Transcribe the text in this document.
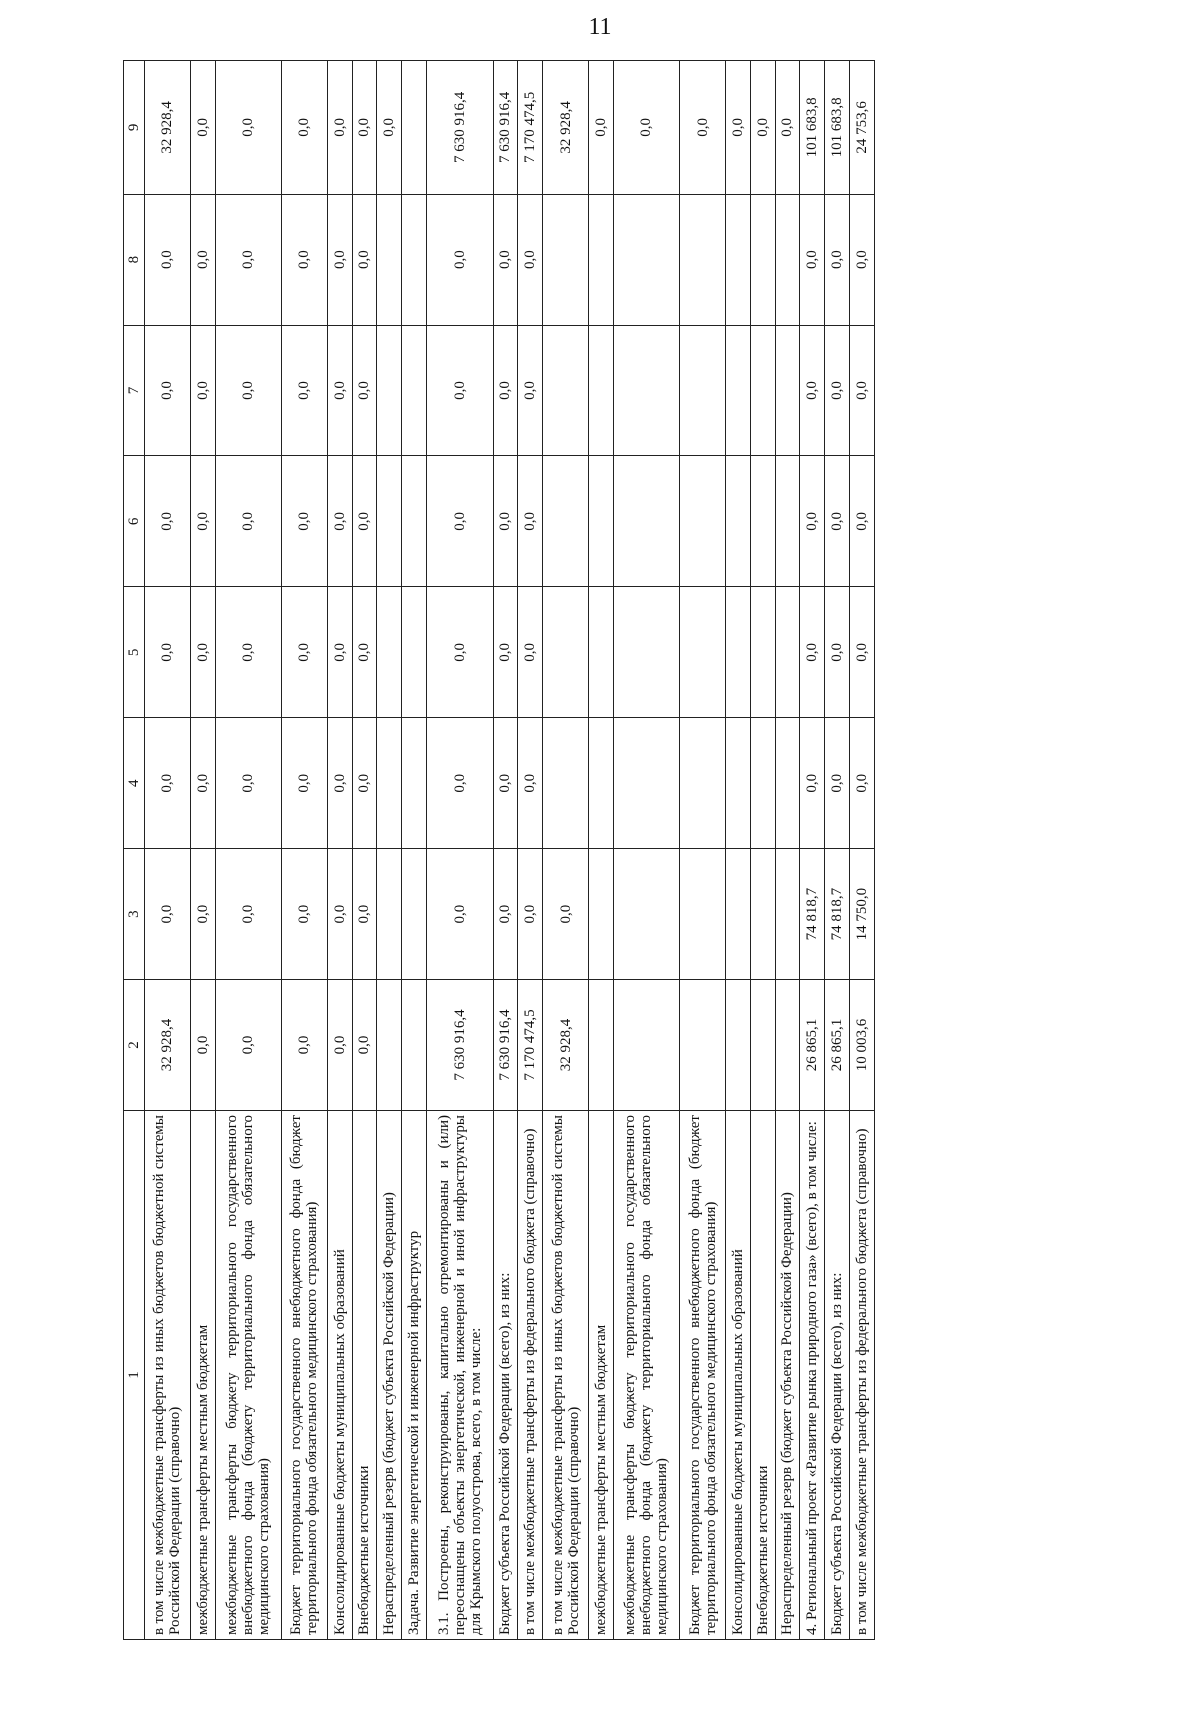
11
1	2	3	4	5	6	7	8	9
в том числе межбюджетные трансферты из иных бюджетов бюджетной системы Российской Федерации (справочно)	32 928,4	0,0	0,0	0,0	0,0	0,0	0,0	32 928,4
межбюджетные трансферты местным бюджетам	0,0	0,0	0,0	0,0	0,0	0,0	0,0	0,0
межбюджетные трансферты бюджету территориального государственного внебюджетного фонда (бюджету территориального фонда обязательного медицинского страхования)	0,0	0,0	0,0	0,0	0,0	0,0	0,0	0,0
Бюджет территориального государственного внебюджетного фонда (бюджет территориального фонда обязательного медицинского страхования)	0,0	0,0	0,0	0,0	0,0	0,0	0,0	0,0
Консолидированные бюджеты муниципальных образований	0,0	0,0	0,0	0,0	0,0	0,0	0,0	0,0
Внебюджетные источники	0,0	0,0	0,0	0,0	0,0	0,0	0,0	0,0
Нераспределенный резерв (бюджет субъекта Российской Федерации)								0,0
Задача. Развитие энергетической и инженерной инфраструктур								
3.1. Построены, реконструированы, капитально отремонтированы и (или) переоснащены объекты энергетической, инженерной и иной инфраструктуры для Крымского полуострова, всего, в том числе:	7 630 916,4	0,0	0,0	0,0	0,0	0,0	0,0	7 630 916,4
Бюджет субъекта Российской Федерации (всего), из них:	7 630 916,4	0,0	0,0	0,0	0,0	0,0	0,0	7 630 916,4
в том числе межбюджетные трансферты из федерального бюджета (справочно)	7 170 474,5	0,0	0,0	0,0	0,0	0,0	0,0	7 170 474,5
в том числе межбюджетные трансферты из иных бюджетов бюджетной системы Российской Федерации (справочно)	32 928,4	0,0						32 928,4
межбюджетные трансферты местным бюджетам								0,0
межбюджетные трансферты бюджету территориального государственного внебюджетного фонда (бюджету территориального фонда обязательного медицинского страхования)								0,0
Бюджет территориального государственного внебюджетного фонда (бюджет территориального фонда обязательного медицинского страхования)								0,0
Консолидированные бюджеты муниципальных образований								0,0
Внебюджетные источники								0,0
Нераспределенный резерв (бюджет субъекта Российской Федерации)								0,0
4. Региональный проект «Развитие рынка природного газа» (всего), в том числе:	26 865,1	74 818,7	0,0	0,0	0,0	0,0	0,0	101 683,8
Бюджет субъекта Российской Федерации (всего), из них:	26 865,1	74 818,7	0,0	0,0	0,0	0,0	0,0	101 683,8
в том числе межбюджетные трансферты из федерального бюджета (справочно)	10 003,6	14 750,0	0,0	0,0	0,0	0,0	0,0	24 753,6
